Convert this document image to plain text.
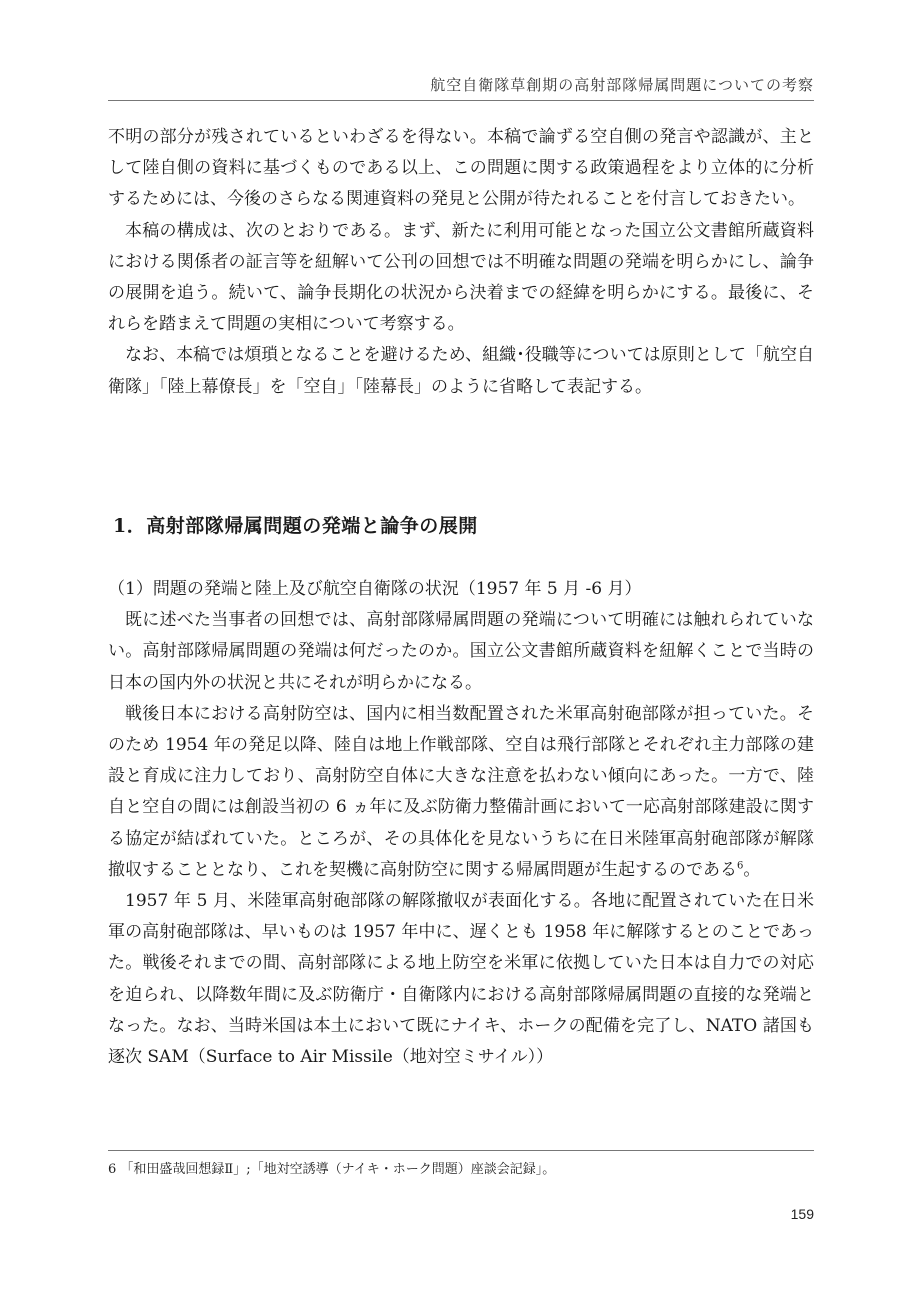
航空自衛隊草創期の高射部隊帰属問題についての考察

不明の部分が残されているといわざるを得ない。本稿で論ずる空自側の発言や認識が、主として陸自側の資料に基づくものである以上、この問題に関する政策過程をより立体的に分析するためには、今後のさらなる関連資料の発見と公開が待たれることを付言しておきたい。

本稿の構成は、次のとおりである。まず、新たに利用可能となった国立公文書館所蔵資料における関係者の証言等を紐解いて公刊の回想では不明確な問題の発端を明らかにし、論争の展開を追う。続いて、論争長期化の状況から決着までの経緯を明らかにする。最後に、それらを踏まえて問題の実相について考察する。

なお、本稿では煩瑣となることを避けるため、組織･役職等については原則として「航空自衛隊」「陸上幕僚長」を「空自」「陸幕長」のように省略して表記する。

1．高射部隊帰属問題の発端と論争の展開

（1）問題の発端と陸上及び航空自衛隊の状況（1957 年 5 月 -6 月）

既に述べた当事者の回想では、高射部隊帰属問題の発端について明確には触れられていない。高射部隊帰属問題の発端は何だったのか。国立公文書館所蔵資料を紐解くことで当時の日本の国内外の状況と共にそれが明らかになる。

戦後日本における高射防空は、国内に相当数配置された米軍高射砲部隊が担っていた。そのため 1954 年の発足以降、陸自は地上作戦部隊、空自は飛行部隊とそれぞれ主力部隊の建設と育成に注力しており、高射防空自体に大きな注意を払わない傾向にあった。一方で、陸自と空自の間には創設当初の 6 ヵ年に及ぶ防衛力整備計画において一応高射部隊建設に関する協定が結ばれていた。ところが、その具体化を見ないうちに在日米陸軍高射砲部隊が解隊撤収することとなり、これを契機に高射防空に関する帰属問題が生起するのである$^6$。

1957 年 5 月、米陸軍高射砲部隊の解隊撤収が表面化する。各地に配置されていた在日米軍の高射砲部隊は、早いものは 1957 年中に、遅くとも 1958 年に解隊するとのことであった。戦後それまでの間、高射部隊による地上防空を米軍に依拠していた日本は自力での対応を迫られ、以降数年間に及ぶ防衛庁・自衛隊内における高射部隊帰属問題の直接的な発端となった。なお、当時米国は本土において既にナイキ、ホークの配備を完了し、NATO 諸国も逐次 SAM（Surface to Air Missile（地対空ミサイル））

6 「和田盛哉回想録Ⅱ」;「地対空誘導（ナイキ・ホーク問題）座談会記録」。
159
